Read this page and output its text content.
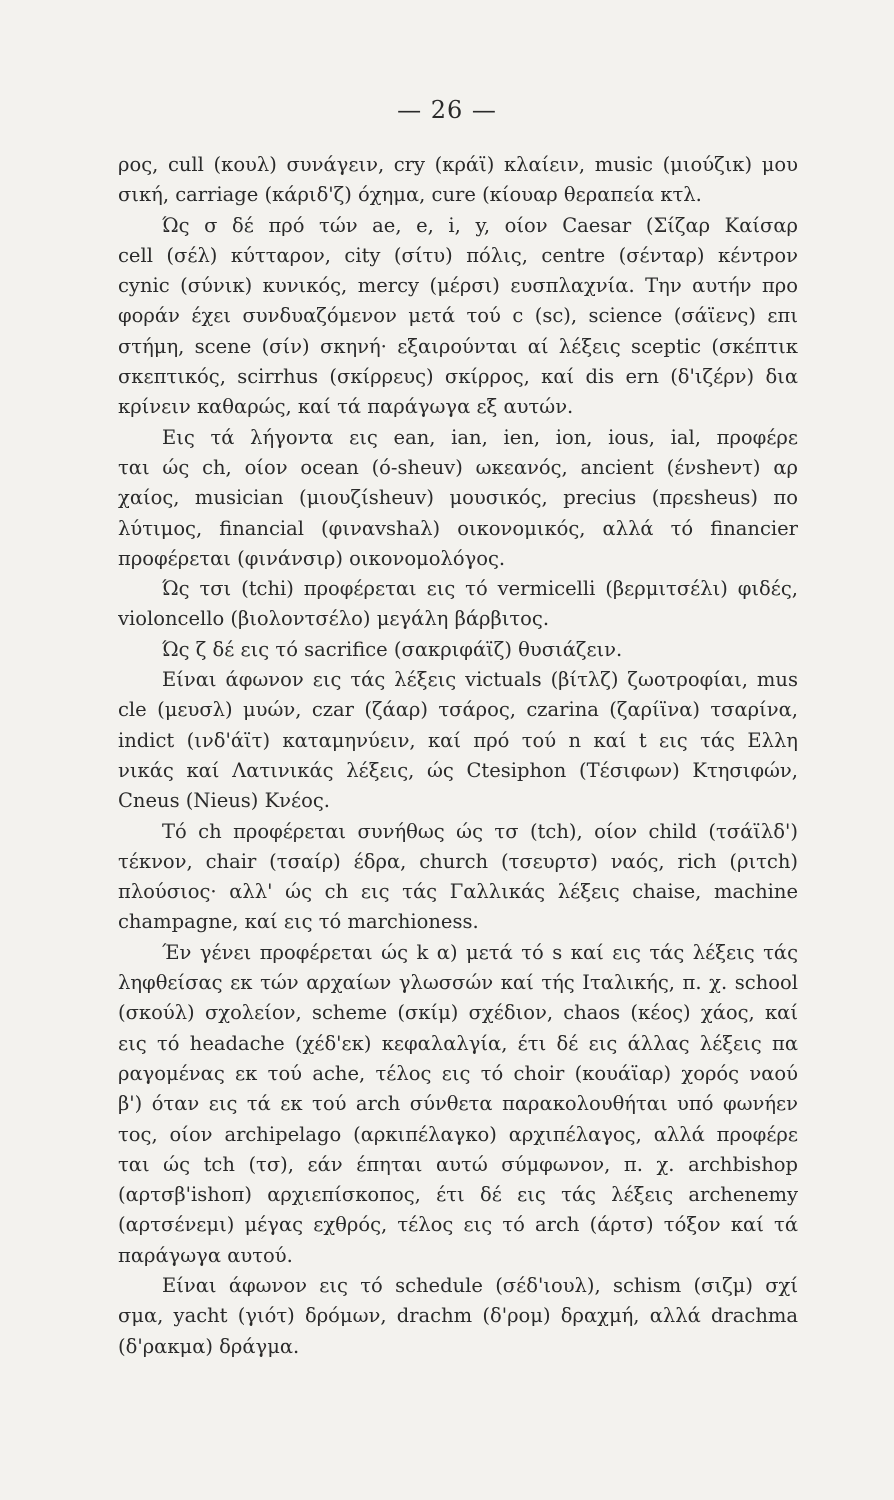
— 26 —
ρος, cull (κουλ) συνάγειν, cry (κράϊ) κλαίειν, music (μιούζικ) μου
σική, carriage (κάριδ'ζ) όχημα, cure (κίουαρ θεραπεία κτλ.
Ώς σ δέ πρό τών ae, e, i, y, οίον Caesar (Σίζαρ Καίσαρ
cell (σέλ) κύτταρον, city (σίτυ) πόλις, centre (σένταρ) κέντρον
cynic (σύνικ) κυνικός, mercy (μέρσι) ευσπλαχνία. Την αυτήν προ
φοράν έχει συνδυαζόμενον μετά τού c (sc), science (σάϊενς) επι
στήμη, scene (σίν) σκηνή· εξαιρούνται αί λέξεις sceptic (σκέπτικ
σκεπτικός, scirrhus (σκίρρευς) σκίρρος, καί dis ern (δ'ιζέρν) δια
κρίνειν καθαρώς, καί τά παράγωγα εξ αυτών.
Εις τά λήγοντα εις ean, ian, ien, ion, ious, ial, προφέρε
ται ώς ch, οίον ocean (ό-sheuv) ωκεανός, ancient (ένsheντ) αρ
χαίος, musician (μιουζίsheuv) μουσικός, precius (πρεsheus) πο
λύτιμος, financial (φιναvshaλ) οικονομικός, αλλά τό financier
προφέρεται (φινάνσιρ) οικονομολόγος.
Ώς τσι (tchi) προφέρεται εις τό vermicelli (βερμιτσέλι) φιδές,
violoncello (βιολοντσέλο) μεγάλη βάρβιτος.
Ώς ζ δέ εις τό sacrifice (σακριφάϊζ) θυσιάζειν.
Είναι άφωνον εις τάς λέξεις victuals (βίτλζ) ζωοτροφίαι, mus
cle (μευσλ) μυών, czar (ζάαρ) τσάρος, czarina (ζαρίϊνα) τσαρίνα,
indict (ινδ'άϊτ) καταμηνύειν, καί πρό τού n καί t εις τάς Ελλη
νικάς καί Λατινικάς λέξεις, ώς Ctesiphon (Τέσιφων) Κτησιφών,
Cneus (Nieus) Κνέος.
Τό ch προφέρεται συνήθως ώς τσ (tch), οίον child (τσάϊλδ')
τέκνον, chair (τσαίρ) έδρα, church (τσευρτσ) ναός, rich (ριτch)
πλούσιος· αλλ' ώς ch εις τάς Γαλλικάς λέξεις chaise, machine
champagne, καί εις τό marchioness.
Έν γένει προφέρεται ώς k α) μετά τό s καί εις τάς λέξεις τάς
ληφθείσας εκ τών αρχαίων γλωσσών καί τής Ιταλικής, π. χ. school
(σκούλ) σχολείον, scheme (σκίμ) σχέδιον, chaos (κέος) χάος, καί
εις τό headache (χέδ'εκ) κεφαλαλγία, έτι δέ εις άλλας λέξεις πα
ραγομένας εκ τού ache, τέλος εις τό choir (κουάϊαρ) χορός ναού
β') όταν εις τά εκ τού arch σύνθετα παρακολουθήται υπό φωνήεν
τος, οίον archipelago (αρκιπέλαγκο) αρχιπέλαγος, αλλά προφέρε
ται ώς tch (τσ), εάν έπηται αυτώ σύμφωνον, π. χ. archbishop
(αρτσβ'ishoπ) αρχιεπίσκοπος, έτι δέ εις τάς λέξεις archenemy
(αρτσένεμι) μέγας εχθρός, τέλος εις τό arch (άρτσ) τόξον καί τά
παράγωγα αυτού.
Είναι άφωνον εις τό schedule (σέδ'ιουλ), schism (σιζμ) σχί
σμα, yacht (γιότ) δρόμων, drachm (δ'ρομ) δραχμή, αλλά drachma
(δ'ρακμα) δράγμα.
